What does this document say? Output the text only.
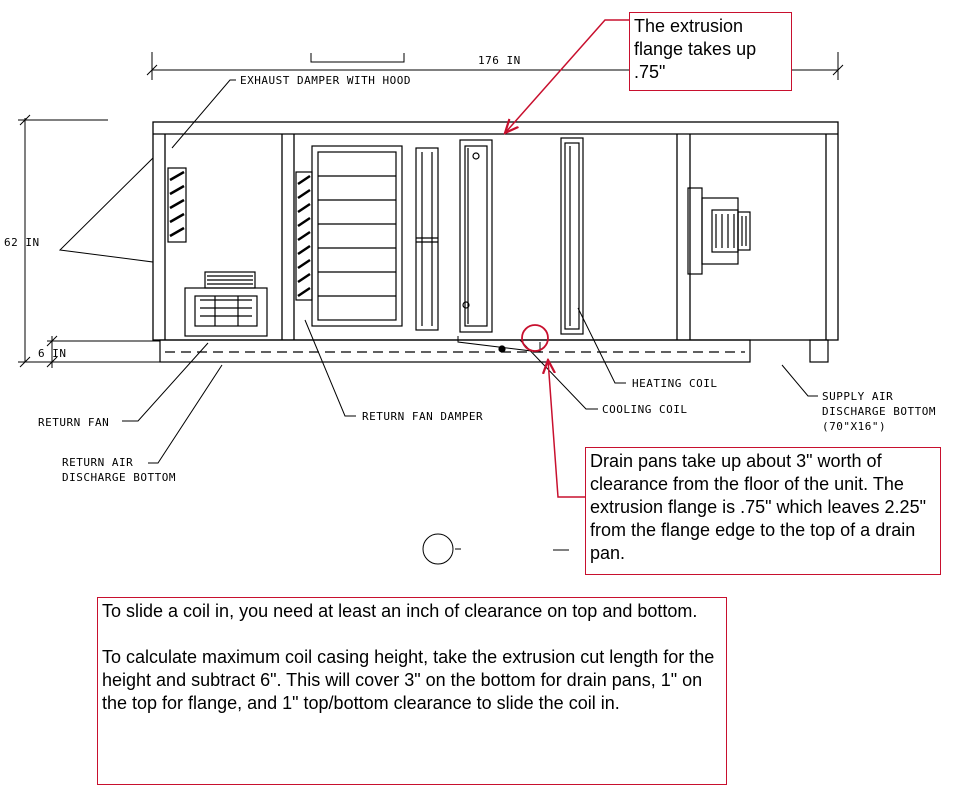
176 IN
62 IN
6 IN
EXHAUST DAMPER WITH HOOD
RETURN FAN
RETURN AIR
DISCHARGE BOTTOM
RETURN FAN DAMPER
COOLING COIL
HEATING COIL
SUPPLY AIR
DISCHARGE BOTTOM
(70"X16")

The extrusion flange takes up .75"

Drain pans take up about 3" worth of clearance from the floor of the unit. The extrusion flange is .75" which leaves 2.25" from the flange edge to the top of a drain pan.

To slide a coil in, you need at least an inch of clearance on top and bottom.

To calculate maximum coil casing height, take the extrusion cut length for the height and subtract 6". This will cover 3" on the bottom for drain pans, 1" on the top for flange, and 1" top/bottom clearance to slide the coil in.
